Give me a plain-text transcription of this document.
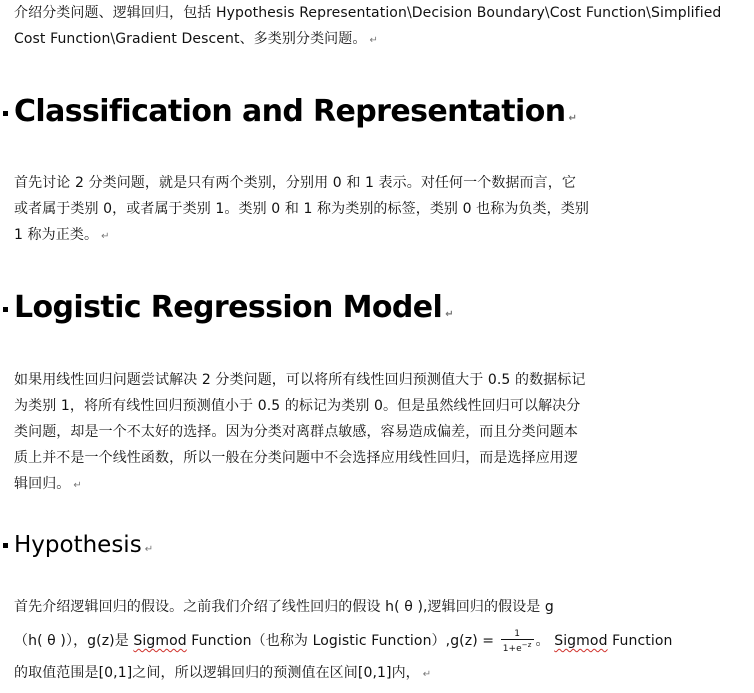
介绍分类问题、逻辑回归，包括 Hypothesis Representation\Decision Boundary\Cost Function\Simplified
Cost Function\Gradient Descent、多类别分类问题。 ↵
Classification and Representation ↵
首先讨论 2 分类问题，就是只有两个类别，分别用 0 和 1 表示。对任何一个数据而言，它
或者属于类别 0，或者属于类别 1。类别 0 和 1 称为类别的标签，类别 0 也称为负类，类别
1 称为正类。 ↵
Logistic Regression Model ↵
如果用线性回归问题尝试解决 2 分类问题，可以将所有线性回归预测值大于 0.5 的数据标记
为类别 1，将所有线性回归预测值小于 0.5 的标记为类别 0。但是虽然线性回归可以解决分
类问题，却是一个不太好的选择。因为分类对离群点敏感，容易造成偏差，而且分类问题本
质上并不是一个线性函数，所以一般在分类问题中不会选择应用线性回归，而是选择应用逻
辑回归。 ↵
Hypothesis ↵
首先介绍逻辑回归的假设。之前我们介绍了线性回归的假设 h( θ ),逻辑回归的假设是 g
（h( θ )），g(z)是 Sigmod Function（也称为 Logistic Function）,g(z) = $\frac{1}{1+e^{-z}}$ 。 Sigmod Function
的取值范围是[0,1]之间，所以逻辑回归的预测值在区间[0,1]内， ↵
